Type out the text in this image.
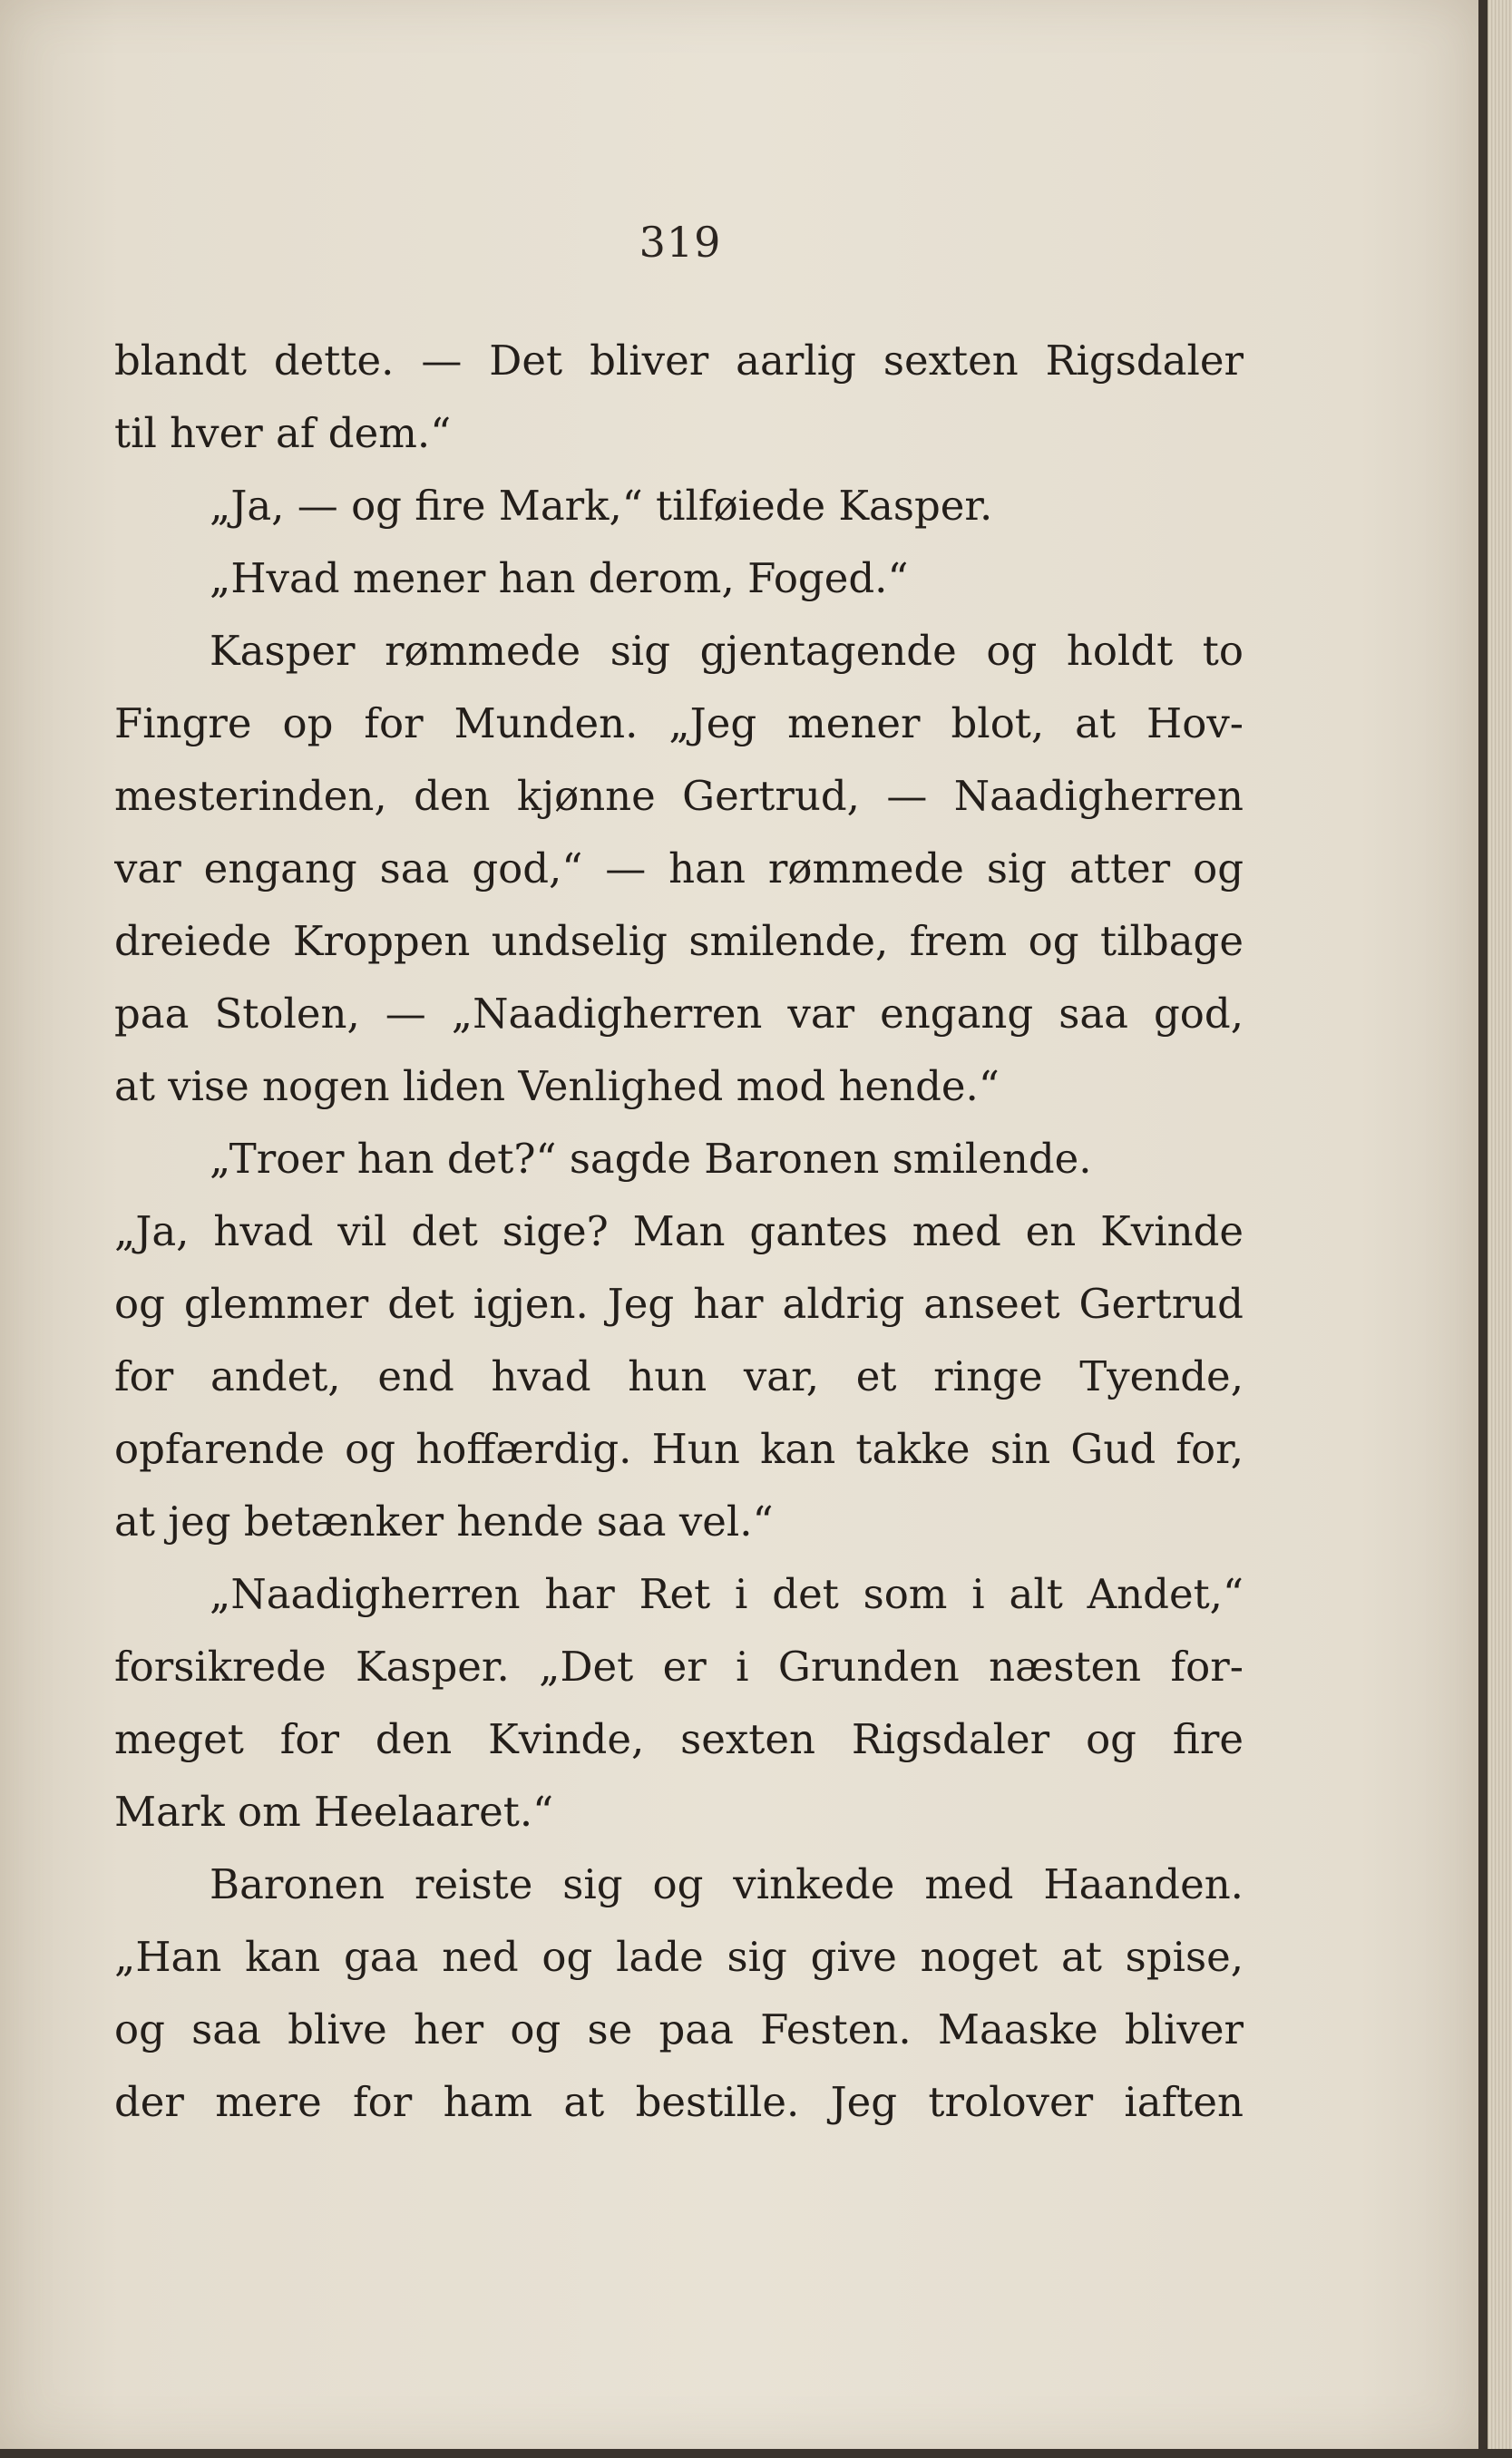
319
blandt dette. — Det bliver aarlig sexten Rigsdaler
til hver af dem.“
„Ja, — og fire Mark,“ tilføiede Kasper.
„Hvad mener han derom, Foged.“
Kasper rømmede sig gjentagende og holdt to
Fingre op for Munden. „Jeg mener blot, at Hov-
mesterinden, den kjønne Gertrud, — Naadigherren
var engang saa god,“ — han rømmede sig atter og
dreiede Kroppen undselig smilende, frem og tilbage
paa Stolen, — „Naadigherren var engang saa god,
at vise nogen liden Venlighed mod hende.“
„Troer han det?“ sagde Baronen smilende.
„Ja, hvad vil det sige? Man gantes med en Kvinde
og glemmer det igjen. Jeg har aldrig anseet Gertrud
for andet, end hvad hun var, et ringe Tyende,
opfarende og hoffærdig. Hun kan takke sin Gud for,
at jeg betænker hende saa vel.“
„Naadigherren har Ret i det som i alt Andet,“
forsikrede Kasper. „Det er i Grunden næsten for-
meget for den Kvinde, sexten Rigsdaler og fire
Mark om Heelaaret.“
Baronen reiste sig og vinkede med Haanden.
„Han kan gaa ned og lade sig give noget at spise,
og saa blive her og se paa Festen. Maaske bliver
der mere for ham at bestille. Jeg trolover iaften
